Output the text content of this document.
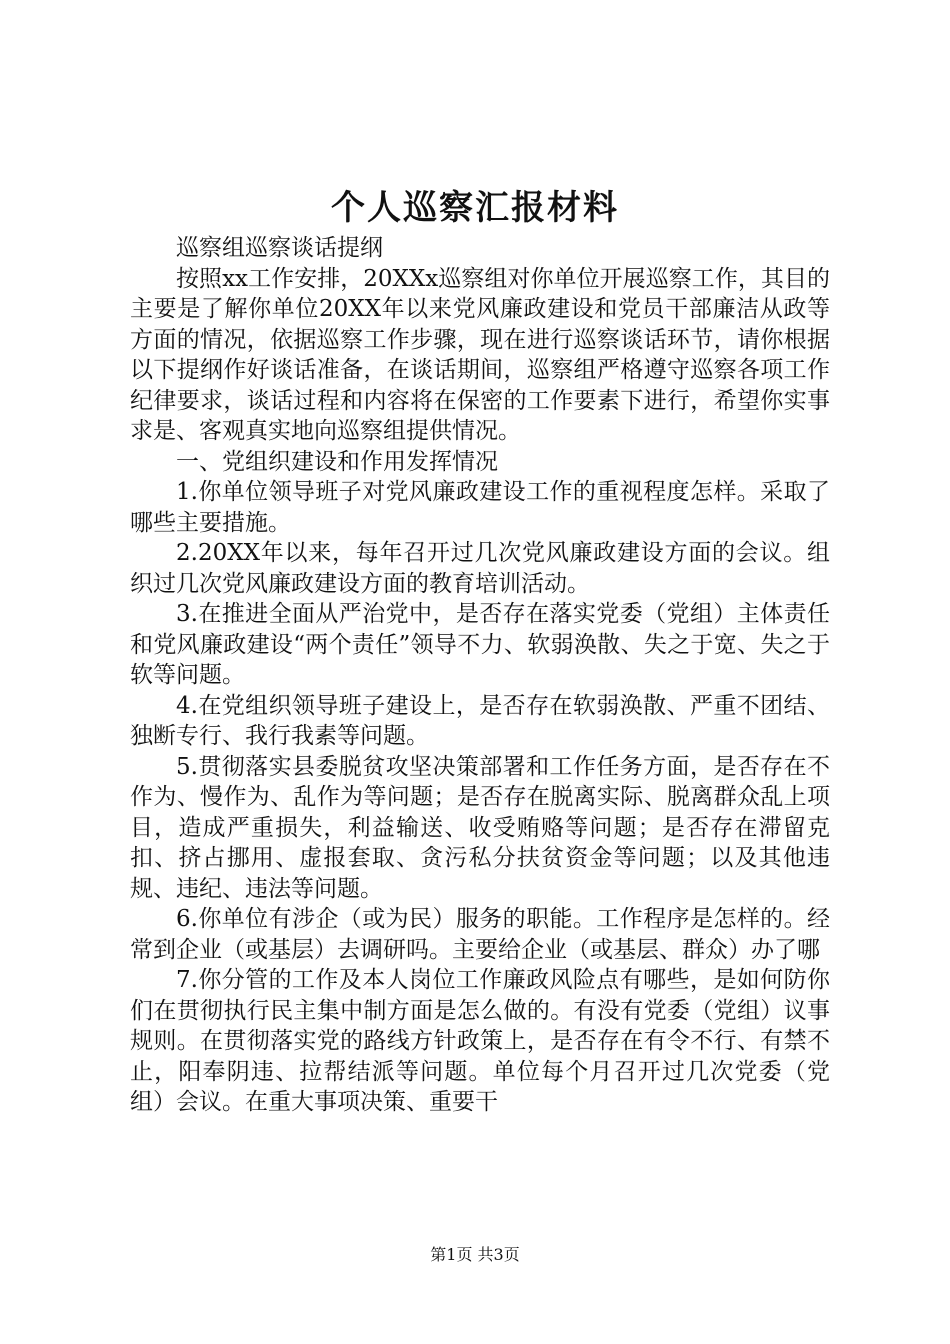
个人巡察汇报材料

巡察组巡察谈话提纲

按照xx工作安排，20XXx巡察组对你单位开展巡察工作，其目的主要是了解你单位20XX年以来党风廉政建设和党员干部廉洁从政等方面的情况，依据巡察工作步骤，现在进行巡察谈话环节，请你根据以下提纲作好谈话准备，在谈话期间，巡察组严格遵守巡察各项工作纪律要求，谈话过程和内容将在保密的工作要素下进行，希望你实事求是、客观真实地向巡察组提供情况。

一、党组织建设和作用发挥情况

1.你单位领导班子对党风廉政建设工作的重视程度怎样。采取了哪些主要措施。

2.20XX年以来，每年召开过几次党风廉政建设方面的会议。组织过几次党风廉政建设方面的教育培训活动。

3.在推进全面从严治党中，是否存在落实党委（党组）主体责任和党风廉政建设“两个责任”领导不力、软弱涣散、失之于宽、失之于软等问题。

4.在党组织领导班子建设上，是否存在软弱涣散、严重不团结、独断专行、我行我素等问题。

5.贯彻落实县委脱贫攻坚决策部署和工作任务方面，是否存在不作为、慢作为、乱作为等问题；是否存在脱离实际、脱离群众乱上项目，造成严重损失，利益输送、收受贿赂等问题；是否存在滞留克扣、挤占挪用、虚报套取、贪污私分扶贫资金等问题；以及其他违规、违纪、违法等问题。

6.你单位有涉企（或为民）服务的职能。工作程序是怎样的。经常到企业（或基层）去调研吗。主要给企业（或基层、群众）办了哪

7.你分管的工作及本人岗位工作廉政风险点有哪些，是如何防你们在贯彻执行民主集中制方面是怎么做的。有没有党委（党组）议事规则。在贯彻落实党的路线方针政策上，是否存在有令不行、有禁不止，阳奉阴违、拉帮结派等问题。单位每个月召开过几次党委（党组）会议。在重大事项决策、重要干

第1页 共3页
